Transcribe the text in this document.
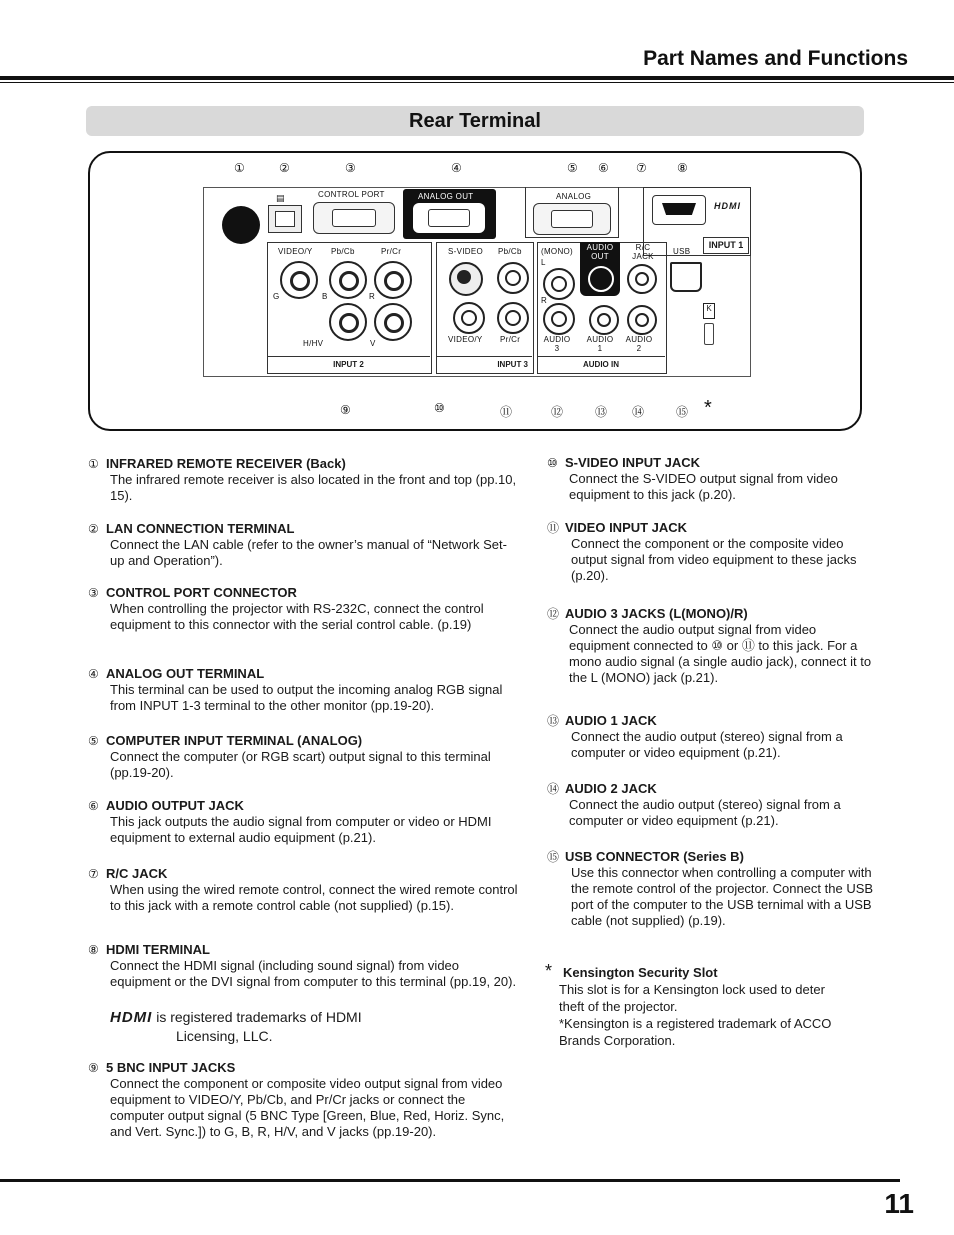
Part Names and Functions
Rear Terminal
①	②	③	④	⑤ ⑥ ⑦	⑧
▤	CONTROL PORT	ANALOG OUT	ANALOG
HDMI
INPUT 1
VIDEO/Y Pb/Cb	Pr/Cr
G	B	R
H/HV	V
INPUT 2
S-VIDEO Pb/Cb
VIDEO/Y Pr/Cr
INPUT 3
(MONO)
L
R
AUDIO OUT
R/C JACK
AUDIO 3
AUDIO 1
AUDIO 2
AUDIO IN
USB
K
⑨	⑩	⑪	⑫	⑬ ⑭	⑮ *
① INFRARED REMOTE RECEIVER (Back)
The infrared remote receiver is also located in the front and top (pp.10, 15).
② LAN CONNECTION TERMINAL
Connect the LAN cable (refer to the owner’s manual of “Network Set-up and Operation”).
③ CONTROL PORT CONNECTOR
When controlling the projector with RS-232C, connect the control equipment to this connector with the serial control cable. (p.19)
④ ANALOG OUT TERMINAL
This terminal can be used to output the incoming analog RGB signal from INPUT 1-3 terminal to the other monitor (pp.19-20).
⑤ COMPUTER INPUT TERMINAL (ANALOG)
Connect the computer (or RGB scart) output signal to this terminal (pp.19-20).
⑥ AUDIO OUTPUT JACK
This jack outputs the audio signal from computer or video or HDMI equipment to external audio equipment (p.21).
⑦ R/C JACK
When using the wired remote control, connect the wired remote control to this jack with a remote control cable (not supplied) (p.15).
⑧ HDMI TERMINAL
Connect the HDMI signal (including sound signal) from video equipment or the DVI signal from computer to this terminal (pp.19, 20).
HDMI is registered trademarks of HDMI
Licensing, LLC.
⑨ 5 BNC INPUT JACKS
Connect the component or composite video output signal from video equipment to VIDEO/Y, Pb/Cb, and Pr/Cr jacks or connect the computer output signal (5 BNC Type [Green, Blue, Red, Horiz. Sync, and Vert. Sync.]) to G, B, R, H/V, and V jacks (pp.19-20).
⑩ S-VIDEO INPUT JACK
Connect the S-VIDEO output signal from video equipment to this jack (p.20).
⑪ VIDEO INPUT JACK
Connect the component or the composite video output signal from video equipment to these jacks (p.20).
⑫ AUDIO 3 JACKS (L(MONO)/R)
Connect the audio output signal from video equipment connected to ⑩ or ⑪ to this jack. For a mono audio signal (a single audio jack), connect it to the L (MONO) jack (p.21).
⑬ AUDIO 1 JACK
Connect the audio output (stereo) signal from a computer or video equipment (p.21).
⑭ AUDIO 2 JACK
Connect the audio output (stereo) signal from a computer or video equipment (p.21).
⑮ USB CONNECTOR (Series B)
Use this connector when controlling a computer with the remote control of the projector. Connect the USB port of the computer to the USB ternimal with a USB cable (not supplied) (p.19).
* Kensington Security Slot
This slot is for a Kensington lock used to deter theft of the projector.
*Kensington is a registered trademark of ACCO Brands Corporation.
11
